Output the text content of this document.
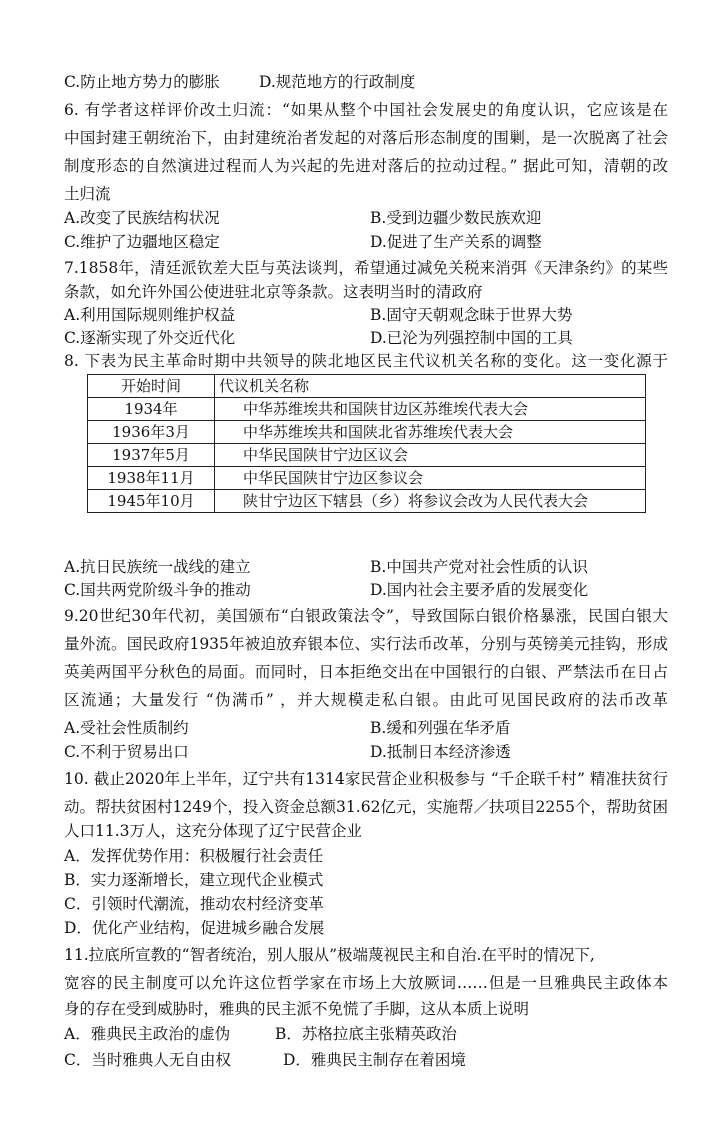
C.防止地方势力的膨胀	D.规范地方的行政制度
6. 有学者这样评价改土归流：“如果从整个中国社会发展史的角度认识，它应该是在
中国封建王朝统治下，由封建统治者发起的对落后形态制度的围剿，是一次脱离了社会
制度形态的自然演进过程而人为兴起的先进对落后的拉动过程。” 据此可知，清朝的改
土归流
A.改变了民族结构状况	B.受到边疆少数民族欢迎
C.维护了边疆地区稳定	D.促进了生产关系的调整
7.1858年，清廷派钦差大臣与英法谈判，希望通过减免关税来消弭《天津条约》的某些
条款，如允许外国公使进驻北京等条款。这表明当时的清政府
A.利用国际规则维护权益	B.固守天朝观念昧于世界大势
C.逐渐实现了外交近代化	D.已沦为列强控制中国的工具
8. 下表为民主革命时期中共领导的陕北地区民主代议机关名称的变化。这一变化源于
开始时间	代议机关名称
1934年	中华苏维埃共和国陕甘边区苏维埃代表大会
1936年3月	中华苏维埃共和国陕北省苏维埃代表大会
1937年5月	中华民国陕甘宁边区议会
1938年11月	中华民国陕甘宁边区参议会
1945年10月	陕甘宁边区下辖县（乡）将参议会改为人民代表大会
A.抗日民族统一战线的建立	B.中国共产党对社会性质的认识
C.国共两党阶级斗争的推动	D.国内社会主要矛盾的发展变化
9.20世纪30年代初，美国颁布“白银政策法令”，导致国际白银价格暴涨，民国白银大
量外流。国民政府1935年被迫放弃银本位、实行法币改革，分别与英镑美元挂钩，形成
英美两国平分秋色的局面。而同时，日本拒绝交出在中国银行的白银、严禁法币在日占
区流通；大量发行 “伪满币” ，并大规模走私白银。由此可见国民政府的法币改革
A.受社会性质制约	B.缓和列强在华矛盾
C.不利于贸易出口	D.抵制日本经济渗透
10. 截止2020年上半年，辽宁共有1314家民营企业积极参与 “千企联千村” 精准扶贫行
动。帮扶贫困村1249个，投入资金总额31.62亿元，实施帮／扶项目2255个，帮助贫困
人口11.3万人，这充分体现了辽宁民营企业
A．发挥优势作用：积极履行社会责任
B．实力逐渐增长，建立现代企业模式
C．引领时代潮流，推动农村经济变革
D．优化产业结构，促进城乡融合发展
11.拉底所宣教的“智者统治，别人服从”极端蔑视民主和自治.在平时的情况下,
宽容的民主制度可以允许这位哲学家在市场上大放厥词……但是一旦雅典民主政体本
身的存在受到威胁时，雅典的民主派不免慌了手脚，这从本质上说明
A．雅典民主政治的虚伪	B．苏格拉底主张精英政治
C．当时雅典人无自由权	D．雅典民主制存在着困境
